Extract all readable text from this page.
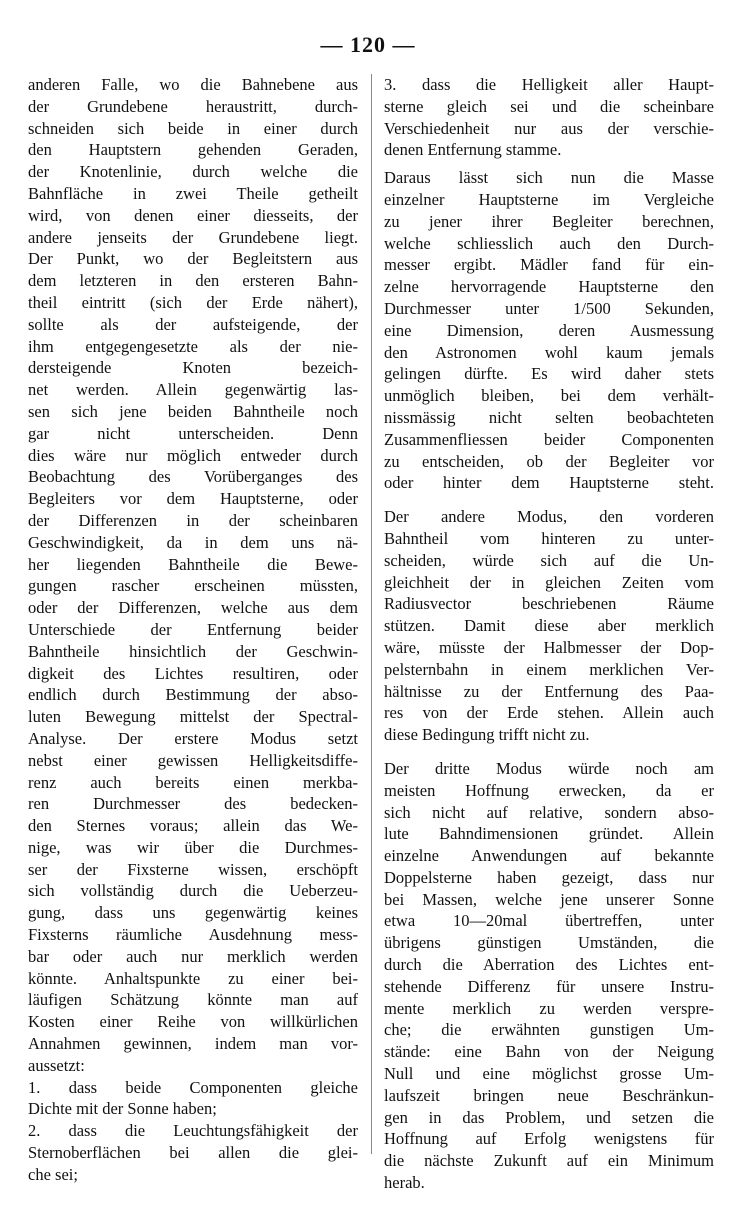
— 120 —
anderen Falle, wo die Bahnebene aus
der Grundebene heraustritt, durch-
schneiden sich beide in einer durch
den Hauptstern gehenden Geraden,
der Knotenlinie, durch welche die
Bahnfläche in zwei Theile getheilt
wird, von denen einer diesseits, der
andere jenseits der Grundebene liegt.
Der Punkt, wo der Begleitstern aus
dem letzteren in den ersteren Bahn-
theil eintritt (sich der Erde nähert),
sollte als der aufsteigende, der
ihm entgegengesetzte als der nie-
dersteigende Knoten bezeich-
net werden. Allein gegenwärtig las-
sen sich jene beiden Bahntheile noch
gar nicht unterscheiden. Denn
dies wäre nur möglich entweder durch
Beobachtung des Vorüberganges des
Begleiters vor dem Hauptsterne, oder
der Differenzen in der scheinbaren
Geschwindigkeit, da in dem uns nä-
her liegenden Bahntheile die Bewe-
gungen rascher erscheinen müssten,
oder der Differenzen, welche aus dem
Unterschiede der Entfernung beider
Bahntheile hinsichtlich der Geschwin-
digkeit des Lichtes resultiren, oder
endlich durch Bestimmung der abso-
luten Bewegung mittelst der Spectral-
Analyse. Der erstere Modus setzt
nebst einer gewissen Helligkeitsdiffe-
renz auch bereits einen merkba-
ren Durchmesser des bedecken-
den Sternes voraus; allein das We-
nige, was wir über die Durchmes-
ser der Fixsterne wissen, erschöpft
sich vollständig durch die Ueberzeu-
gung, dass uns gegenwärtig keines
Fixsterns räumliche Ausdehnung mess-
bar oder auch nur merklich werden
könnte. Anhaltspunkte zu einer bei-
läufigen Schätzung könnte man auf
Kosten einer Reihe von willkürlichen
Annahmen gewinnen, indem man vor-
aussetzt:
1. dass beide Componenten gleiche
Dichte mit der Sonne haben;
2. dass die Leuchtungsfähigkeit der
Sternoberflächen bei allen die glei-
che sei;
3. dass die Helligkeit aller Haupt-
sterne gleich sei und die scheinbare
Verschiedenheit nur aus der verschie-
denen Entfernung stamme.
Daraus lässt sich nun die Masse
einzelner Hauptsterne im Vergleiche
zu jener ihrer Begleiter berechnen,
welche schliesslich auch den Durch-
messer ergibt. Mädler fand für ein-
zelne hervorragende Hauptsterne den
Durchmesser unter 1/500 Sekunden,
eine Dimension, deren Ausmessung
den Astronomen wohl kaum jemals
gelingen dürfte. Es wird daher stets
unmöglich bleiben, bei dem verhält-
nissmässig nicht selten beobachteten
Zusammenfliessen beider Componenten
zu entscheiden, ob der Begleiter vor
oder hinter dem Hauptsterne steht.
Der andere Modus, den vorderen
Bahntheil vom hinteren zu unter-
scheiden, würde sich auf die Un-
gleichheit der in gleichen Zeiten vom
Radiusvector beschriebenen Räume
stützen. Damit diese aber merklich
wäre, müsste der Halbmesser der Dop-
pelsternbahn in einem merklichen Ver-
hältnisse zu der Entfernung des Paa-
res von der Erde stehen. Allein auch
diese Bedingung trifft nicht zu.
Der dritte Modus würde noch am
meisten Hoffnung erwecken, da er
sich nicht auf relative, sondern abso-
lute Bahndimensionen gründet. Allein
einzelne Anwendungen auf bekannte
Doppelsterne haben gezeigt, dass nur
bei Massen, welche jene unserer Sonne
etwa 10—20mal übertreffen, unter
übrigens günstigen Umständen, die
durch die Aberration des Lichtes ent-
stehende Differenz für unsere Instru-
mente merklich zu werden verspre-
che; die erwähnten gunstigen Um-
stände: eine Bahn von der Neigung
Null und eine möglichst grosse Um-
laufszeit bringen neue Beschränkun-
gen in das Problem, und setzen die
Hoffnung auf Erfolg wenigstens für
die nächste Zukunft auf ein Minimum
herab.
